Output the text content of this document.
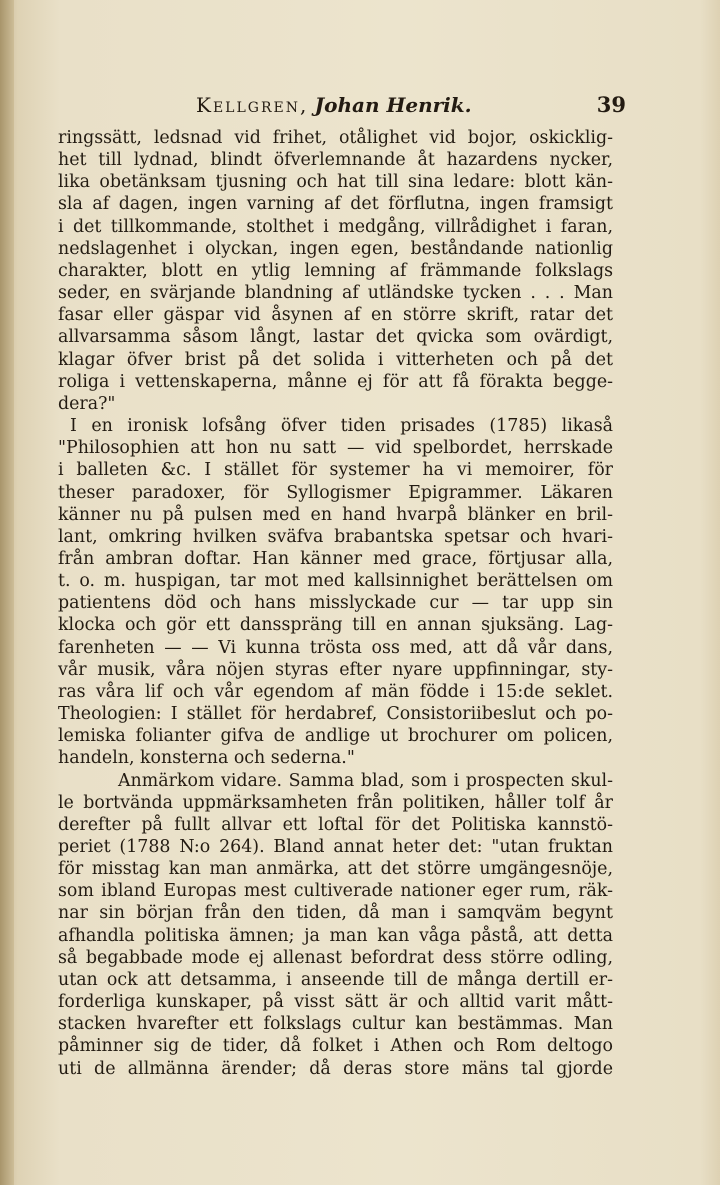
Kellgren, Johan Henrik.	39

ringssätt, ledsnad vid frihet, otålighet vid bojor, oskicklig-
het till lydnad, blindt öfverlemnande åt hazardens nycker,
lika obetänksam tjusning och hat till sina ledare: blott kän-
sla af dagen, ingen varning af det förflutna, ingen framsigt
i det tillkommande, stolthet i medgång, villrådighet i faran,
nedslagenhet i olyckan, ingen egen, beståndande nationlig
charakter, blott en ytlig lemning af främmande folkslags
seder, en svärjande blandning af utländske tycken . . . Man
fasar eller gäspar vid åsynen af en större skrift, ratar det
allvarsamma såsom långt, lastar det qvicka som ovärdigt,
klagar öfver brist på det solida i vitterheten och på det
roliga i vettenskaperna, månne ej för att få förakta begge-
dera?"

I en ironisk lofsång öfver tiden prisades (1785) likaså
"Philosophien att hon nu satt — vid spelbordet, herrskade
i balleten &c. I stället för systemer ha vi memoirer, för
theser paradoxer, för Syllogismer Epigrammer. Läkaren
känner nu på pulsen med en hand hvarpå blänker en bril-
lant, omkring hvilken sväfva brabantska spetsar och hvari-
från ambran doftar. Han känner med grace, förtjusar alla,
t. o. m. huspigan, tar mot med kallsinnighet berättelsen om
patientens död och hans misslyckade cur — tar upp sin
klocka och gör ett dansspräng till en annan sjuksäng. Lag-
farenheten — — Vi kunna trösta oss med, att då vår dans,
vår musik, våra nöjen styras efter nyare uppfinningar, sty-
ras våra lif och vår egendom af män födde i 15:de seklet.
Theologien: I stället för herdabref, Consistoriibeslut och po-
lemiska folianter gifva de andlige ut brochurer om policen,
handeln, konsterna och sederna."

Anmärkom vidare. Samma blad, som i prospecten skul-
le bortvända uppmärksamheten från politiken, håller tolf år
derefter på fullt allvar ett loftal för det Politiska kannstö-
periet (1788 N:o 264). Bland annat heter det: "utan fruktan
för misstag kan man anmärka, att det större umgängesnöje,
som ibland Europas mest cultiverade nationer eger rum, räk-
nar sin början från den tiden, då man i samqväm begynt
afhandla politiska ämnen; ja man kan våga påstå, att detta
så begabbade mode ej allenast befordrat dess större odling,
utan ock att detsamma, i anseende till de många dertill er-
forderliga kunskaper, på visst sätt är och alltid varit mått-
stacken hvarefter ett folkslags cultur kan bestämmas. Man
påminner sig de tider, då folket i Athen och Rom deltogo
uti de allmänna ärender; då deras store mäns tal gjorde
